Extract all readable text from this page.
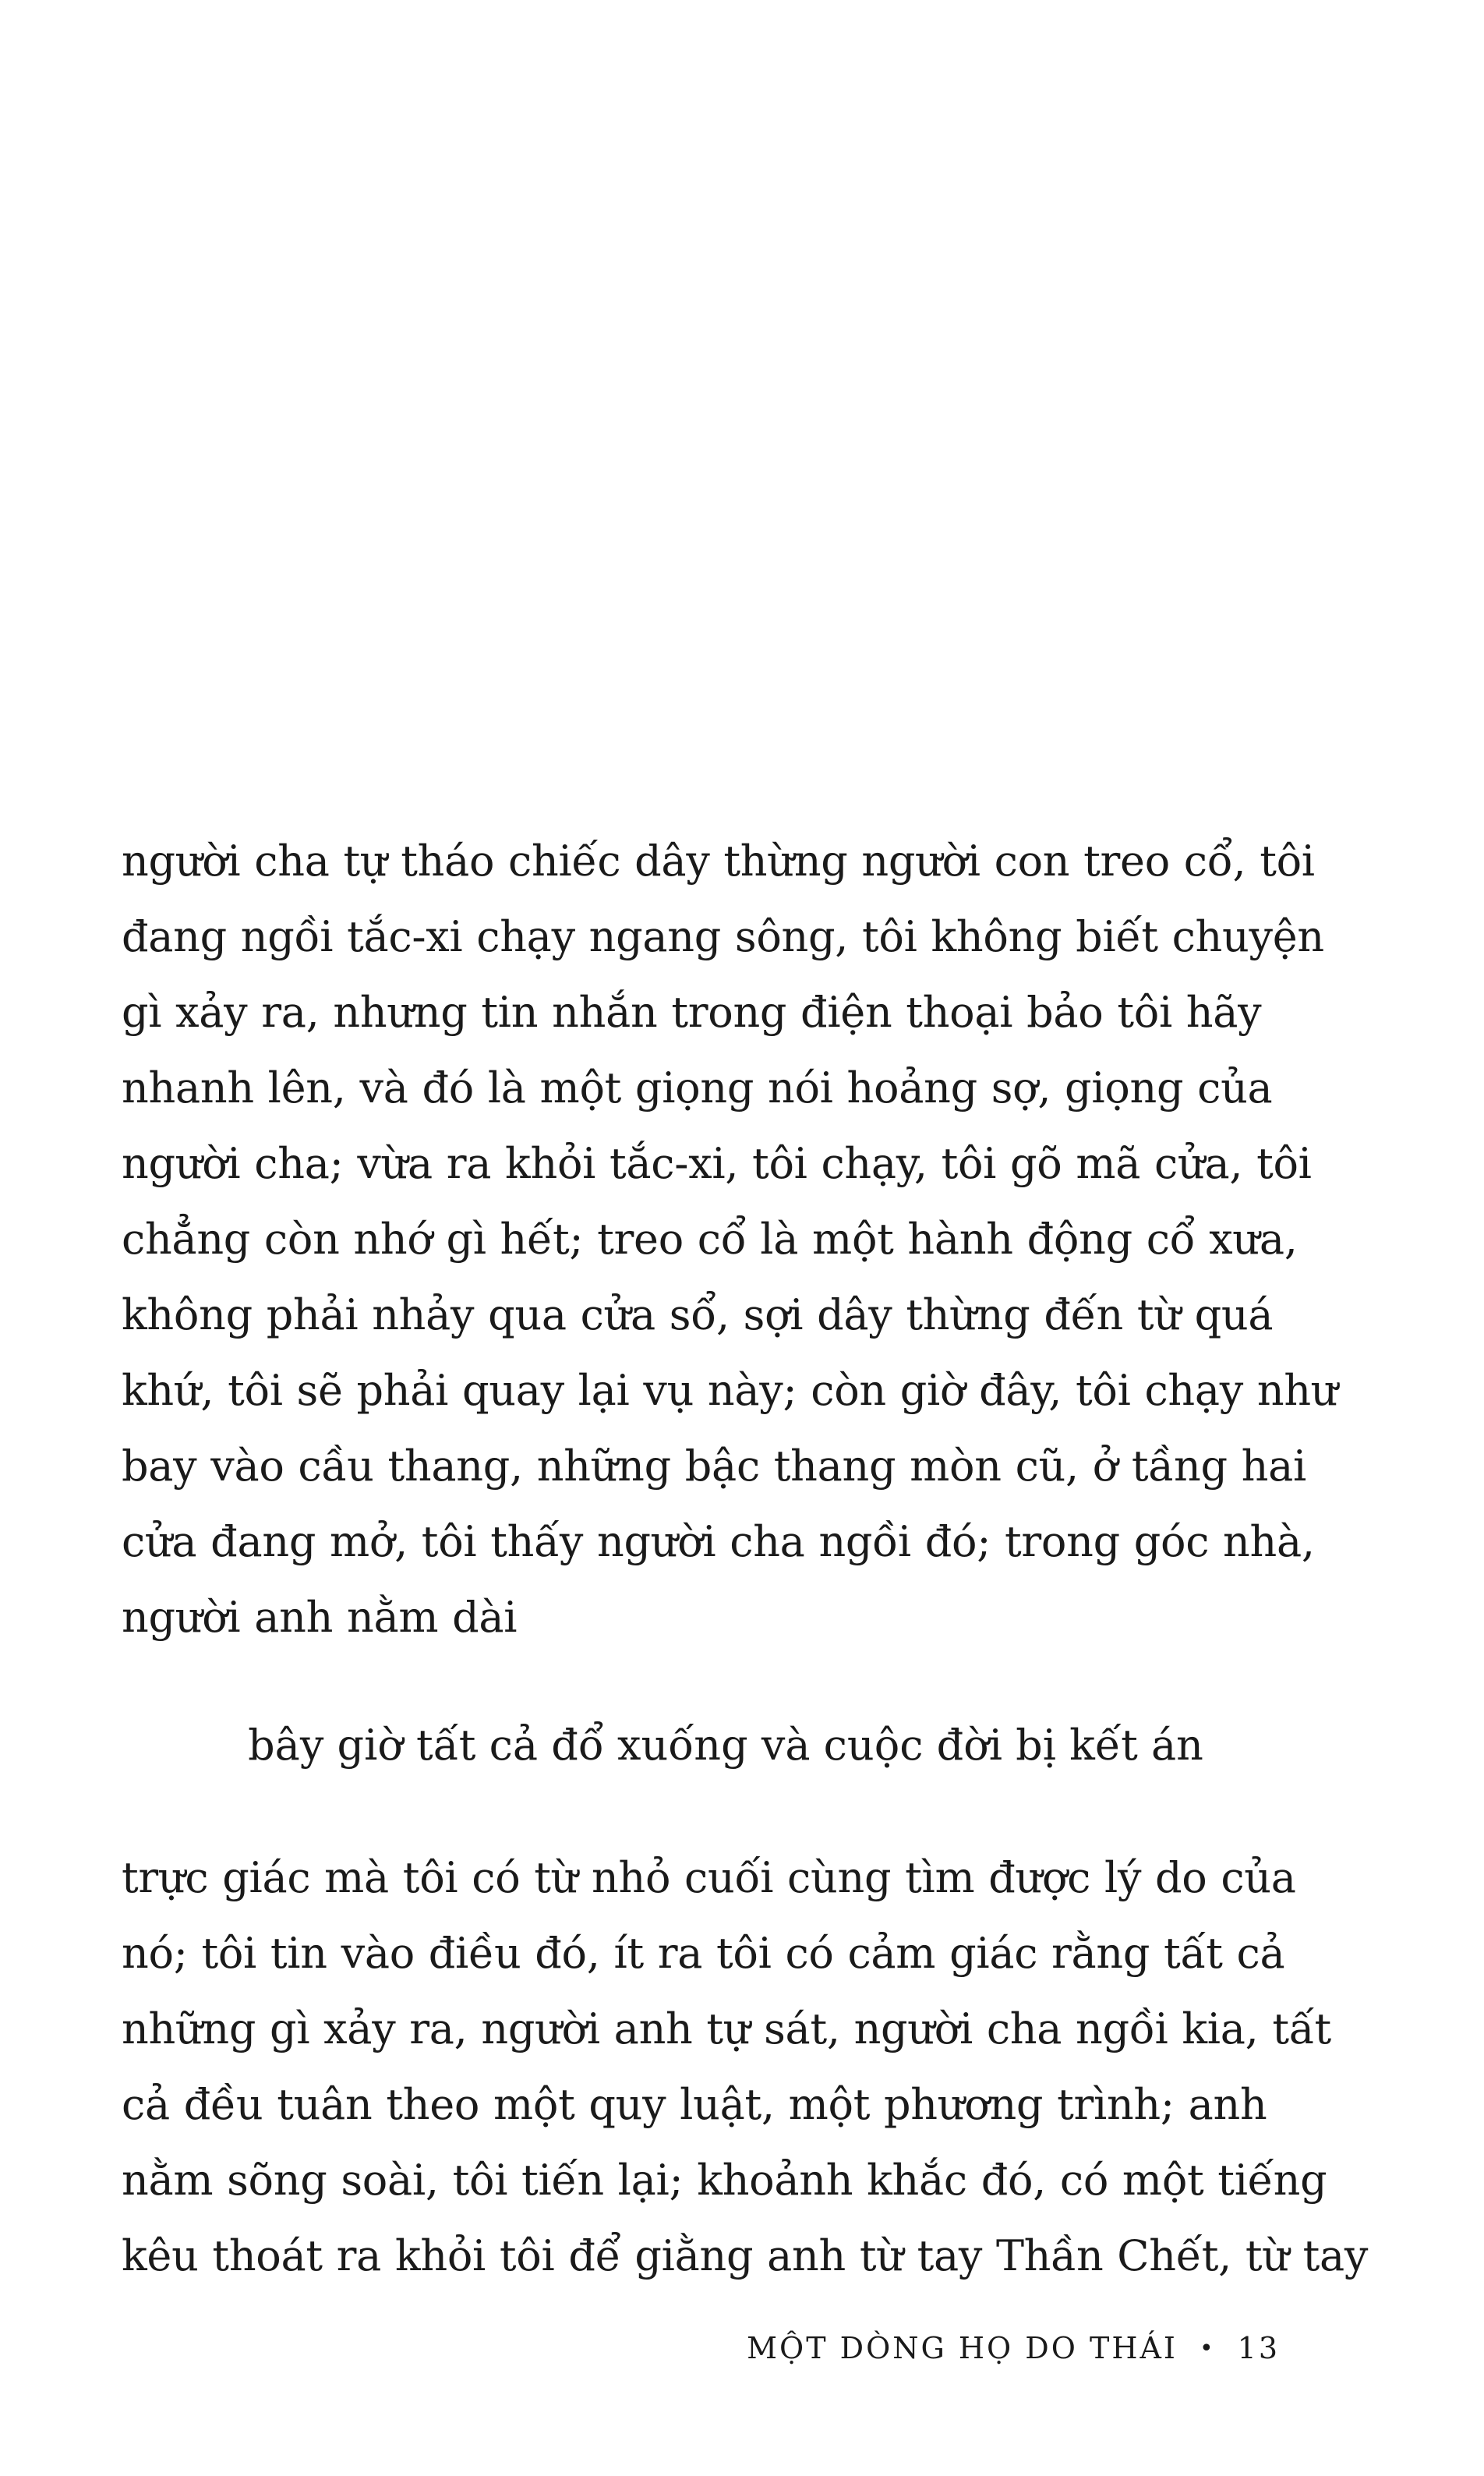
người cha tự tháo chiếc dây thừng người con treo cổ, tôi
đang ngồi tắc-xi chạy ngang sông, tôi không biết chuyện
gì xảy ra, nhưng tin nhắn trong điện thoại bảo tôi hãy
nhanh lên, và đó là một giọng nói hoảng sợ, giọng của
người cha; vừa ra khỏi tắc-xi, tôi chạy, tôi gõ mã cửa, tôi
chẳng còn nhớ gì hết; treo cổ là một hành động cổ xưa,
không phải nhảy qua cửa sổ, sợi dây thừng đến từ quá
khứ, tôi sẽ phải quay lại vụ này; còn giờ đây, tôi chạy như
bay vào cầu thang, những bậc thang mòn cũ, ở tầng hai
cửa đang mở, tôi thấy người cha ngồi đó; trong góc nhà,
người anh nằm dài

bây giờ tất cả đổ xuống và cuộc đời bị kết án

trực giác mà tôi có từ nhỏ cuối cùng tìm được lý do của
nó; tôi tin vào điều đó, ít ra tôi có cảm giác rằng tất cả
những gì xảy ra, người anh tự sát, người cha ngồi kia, tất
cả đều tuân theo một quy luật, một phương trình; anh
nằm sõng soài, tôi tiến lại; khoảnh khắc đó, có một tiếng
kêu thoát ra khỏi tôi để giằng anh từ tay Thần Chết, từ tay
MỘT DÒNG HỌ DO THÁI • 13
